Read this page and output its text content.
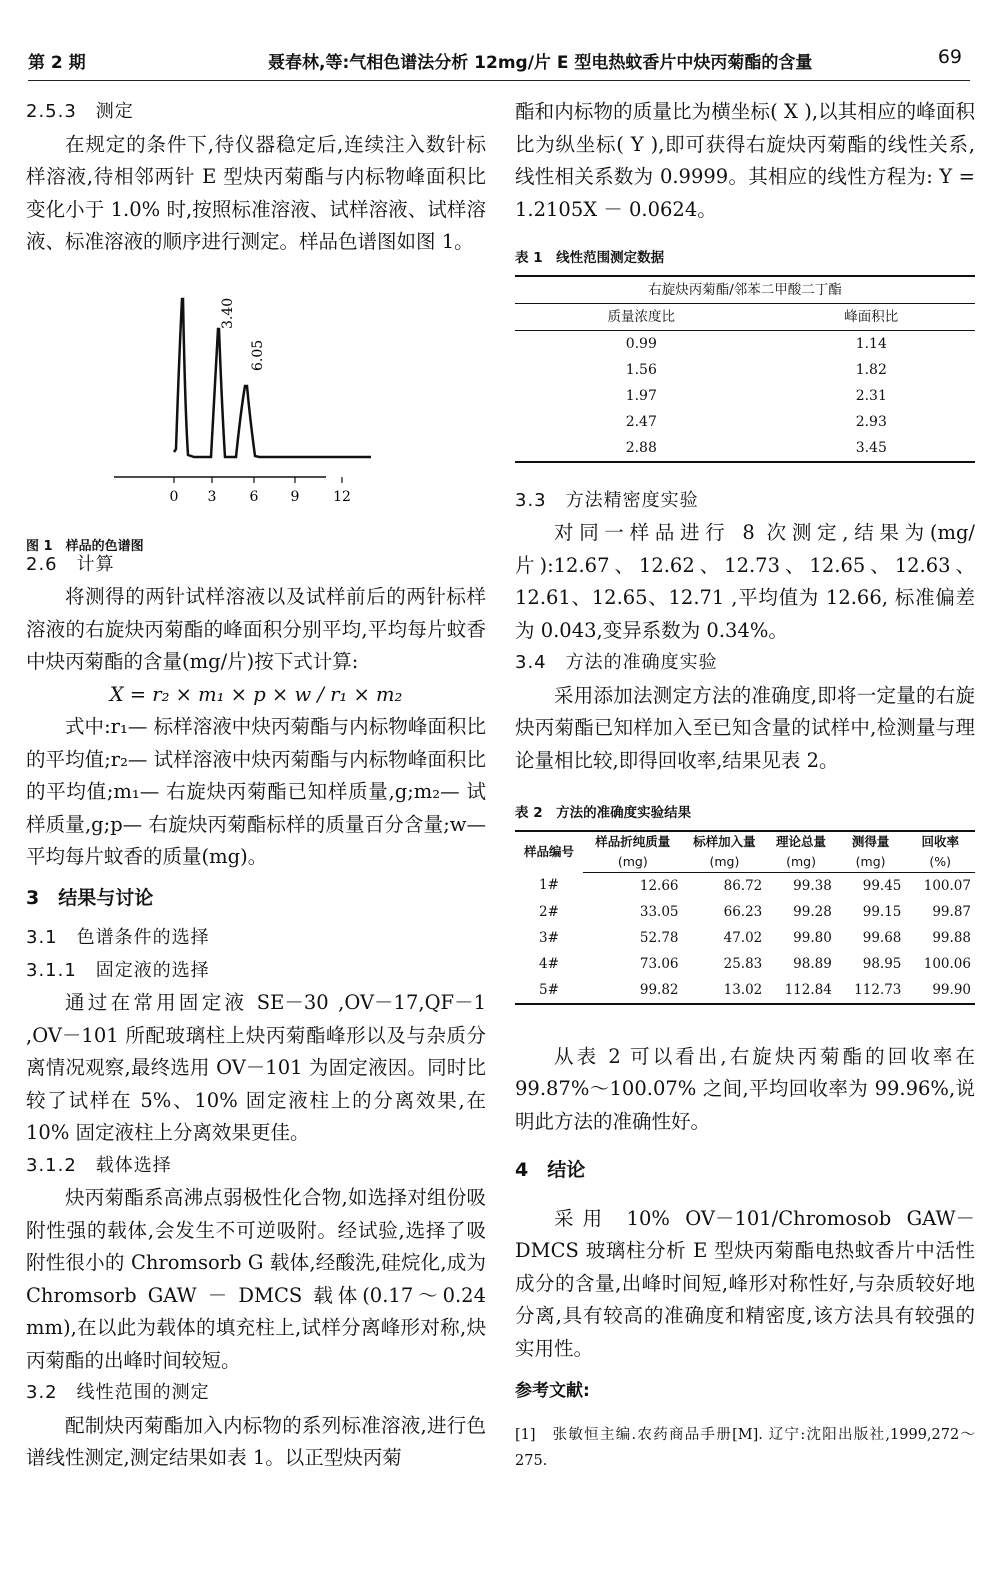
第 2 期	聂春林,等:气相色谱法分析 12mg/片 E 型电热蚊香片中炔丙菊酯的含量	69

2.5.3　测定

在规定的条件下,待仪器稳定后,连续注入数针标样溶液,待相邻两针 E 型炔丙菊酯与内标物峰面积比变化小于 1.0% 时,按照标准溶液、试样溶液、试样溶液、标准溶液的顺序进行测定。样品色谱图如图 1。

3.40
6.05
0 3 6 9 12

图 1　样品的色谱图

2.6　计算

将测得的两针试样溶液以及试样前后的两针标样溶液的右旋炔丙菊酯的峰面积分别平均,平均每片蚊香中炔丙菊酯的含量(mg/片)按下式计算:

X = r₂ × m₁ × p × w / r₁ × m₂

式中:r₁— 标样溶液中炔丙菊酯与内标物峰面积比的平均值;r₂— 试样溶液中炔丙菊酯与内标物峰面积比的平均值;m₁— 右旋炔丙菊酯已知样质量,g;m₂— 试样质量,g;p— 右旋炔丙菊酯标样的质量百分含量;w— 平均每片蚊香的质量(mg)。

3　结果与讨论

3.1　色谱条件的选择

3.1.1　固定液的选择

通过在常用固定液 SE－30 ,OV－17,QF－1 ,OV－101 所配玻璃柱上炔丙菊酯峰形以及与杂质分离情况观察,最终选用 OV－101 为固定液因。同时比较了试样在 5%、10% 固定液柱上的分离效果,在 10% 固定液柱上分离效果更佳。

3.1.2　载体选择

炔丙菊酯系高沸点弱极性化合物,如选择对组份吸附性强的载体,会发生不可逆吸附。经试验,选择了吸附性很小的 Chromsorb G 载体,经酸洗,硅烷化,成为 Chromsorb GAW － DMCS 载体(0.17～0.24 mm),在以此为载体的填充柱上,试样分离峰形对称,炔丙菊酯的出峰时间较短。

3.2　线性范围的测定

配制炔丙菊酯加入内标物的系列标准溶液,进行色谱线性测定,测定结果如表 1。以正型炔丙菊

酯和内标物的质量比为横坐标( X ),以其相应的峰面积比为纵坐标( Y ),即可获得右旋炔丙菊酯的线性关系,线性相关系数为 0.9999。其相应的线性方程为: Y = 1.2105X － 0.0624。

表 1　线性范围测定数据

右旋炔丙菊酯/邻苯二甲酸二丁酯	
质量浓度比	峰面积比
0.99	1.14
1.56	1.82
1.97	2.31
2.47	2.93
2.88	3.45

3.3　方法精密度实验

对同一样品进行 8 次测定,结果为(mg/片):12.67、12.62、12.73、12.65、12.63、12.61、12.65、12.71 ,平均值为 12.66, 标准偏差为 0.043,变异系数为 0.34%。

3.4　方法的准确度实验

采用添加法测定方法的准确度,即将一定量的右旋炔丙菊酯已知样加入至已知含量的试样中,检测量与理论量相比较,即得回收率,结果见表 2。

表 2　方法的准确度实验结果

样品编号	样品折纯质量	标样加入量	理论总量	测得量	回收率
	(mg)	(mg)	(mg)	(mg)	(%)
1#	12.66	86.72	99.38	99.45	100.07
2#	33.05	66.23	99.28	99.15	99.87
3#	52.78	47.02	99.80	99.68	99.88
4#	73.06	25.83	98.89	98.95	100.06
5#	99.82	13.02	112.84	112.73	99.90

从表 2 可以看出,右旋炔丙菊酯的回收率在 99.87%～100.07% 之间,平均回收率为 99.96%,说明此方法的准确性好。

4　结论

采用 10% OV－101/Chromosob GAW－DMCS 玻璃柱分析 E 型炔丙菊酯电热蚊香片中活性成分的含量,出峰时间短,峰形对称性好,与杂质较好地分离,具有较高的准确度和精密度,该方法具有较强的实用性。

参考文献:

[1]　张敏恒主编.农药商品手册[M]. 辽宁:沈阳出版社,1999,272～275.
